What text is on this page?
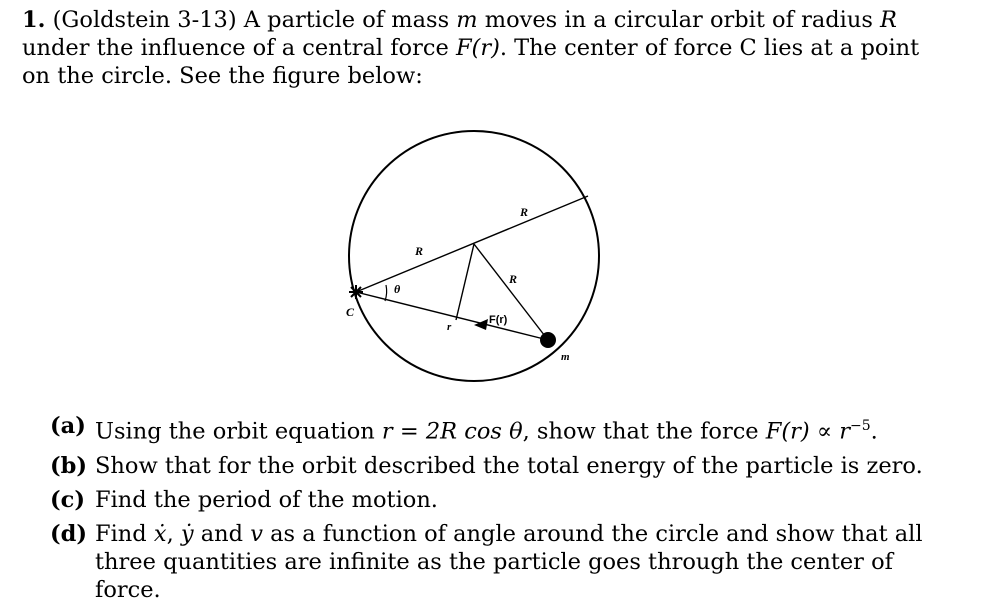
1. (Goldstein 3-13) A particle of mass m moves in a circular orbit of radius R under the influence of a central force F(r). The center of force C lies at a point on the circle. See the figure below:
C
θ
R
R
R
r
F(r)
m
(a) Using the orbit equation r = 2R cos θ, show that the force $F(r) \propto r^{-5}$.
(b) Show that for the orbit described the total energy of the particle is zero.
(c) Find the period of the motion.
(d) Find ẋ, ẏ and v as a function of angle around the circle and show that all three quantities are infinite as the particle goes through the center of force.
